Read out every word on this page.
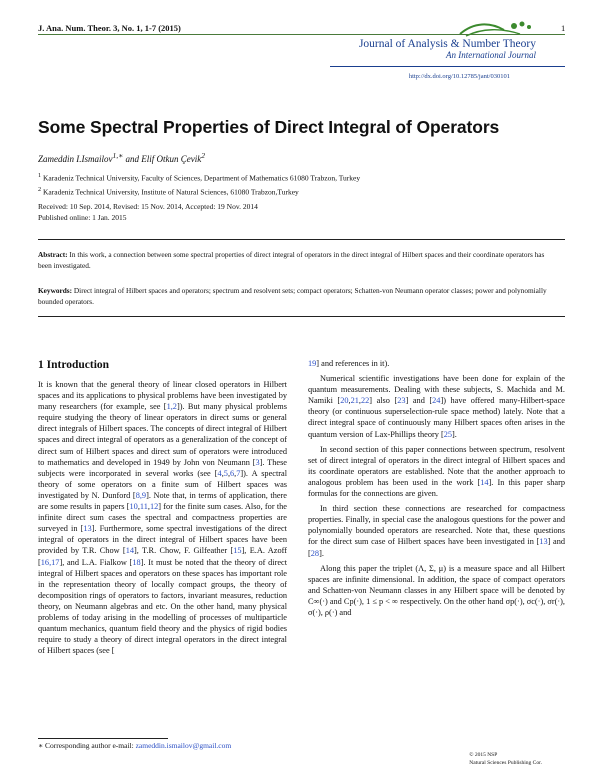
J. Ana. Num. Theor. 3, No. 1, 1-7 (2015)	1
Journal of Analysis & Number Theory
An International Journal
http://dx.doi.org/10.12785/jant/030101
Some Spectral Properties of Direct Integral of Operators
Zameddin I.Ismailov$^{1,∗}$ and Elif Otkun Çevik$^2$
$^1$ Karadeniz Technical University, Faculty of Sciences, Department of Mathematics 61080 Trabzon, Turkey
$^2$ Karadeniz Technical University, Institute of Natural Sciences, 61080 Trabzon,Turkey
Received: 10 Sep. 2014, Revised: 15 Nov. 2014, Accepted: 19 Nov. 2014
Published online: 1 Jan. 2015
Abstract: In this work, a connection between some spectral properties of direct integral of operators in the direct integral of Hilbert spaces and their coordinate operators has been investigated.
Keywords: Direct integral of Hilbert spaces and operators; spectrum and resolvent sets; compact operators; Schatten-von Neumann operator classes; power and polynomially bounded operators.
1 Introduction

It is known that the general theory of linear closed operators in Hilbert spaces and its applications to physical problems have been investigated by many researchers (for example, see [1,2]). But many physical problems require studying the theory of linear operators in direct sums or general direct integrals of Hilbert spaces. The concepts of direct integral of Hilbert spaces and direct integral of operators as a generalization of the concept of direct sum of Hilbert spaces and direct sum of operators were introduced to mathematics and developed in 1949 by John von Neumann [3]. These subjects were incorporated in several works (see [4,5,6,7]). A spectral theory of some operators on a finite sum of Hilbert spaces was investigated by N. Dunford [8,9]. Note that, in terms of application, there are some results in papers [10,11,12] for the finite sum cases. Also, for the infinite direct sum cases the spectral and compactness properties are surveyed in [13]. Furthermore, some spectral investigations of the direct integral of operators in the direct integral of Hilbert spaces have been provided by T.R. Chow [14], T.R. Chow, F. Gilfeather [15], E.A. Azoff [16,17], and L.A. Fialkow [18]. It must be noted that the theory of direct integral of Hilbert spaces and operators on these spaces has important role in the representation theory of locally compact groups, the theory of decomposition rings of operators to factors, invariant measures, reduction theory, on Neumann algebras and etc. On the other hand, many physical problems of today arising in the modelling of processes of multiparticle quantum mechanics, quantum field theory and the physics of rigid bodies require to study a theory of direct integral operators in the direct integral of Hilbert spaces (see [

19] and references in it).

Numerical scientific investigations have been done for explain of the quantum measurements. Dealing with these subjects, S. Machida and M. Namiki [20,21,22] also [23] and [24]) have offered many-Hilbert-space theory (or continuous superselection-rule space method) lately. Note that a direct integral space of continuously many Hilbert spaces often arises in the quantum version of Lax-Phillips theory [25].

In second section of this paper connections between spectrum, resolvent set of direct integral of operators in the direct integral of Hilbert spaces and its coordinate operators are established. Note that the another approach to analogous problem has been used in the work [14]. In this paper sharp formulas for the connections are given.

In third section these connections are researched for compactness properties. Finally, in special case the analogous questions for the power and polynomially bounded operators are researched. Note that, these questions for the direct sum case of Hilbert spaces have been investigated in [13] and [28].

Along this paper the triplet (Λ, Σ, μ) is a measure space and all Hilbert spaces are infinite dimensional. In addition, the space of compact operators and Schatten-von Neumann classes in any Hilbert space will be denoted by C∞(·) and Cp(·), 1 ≤ p < ∞ respectively. On the other hand σp(·), σc(·), σr(·), σ(·), ρ(·) and

∗ Corresponding author e-mail: zameddin.ismailov@gmail.com
© 2015 NSP
Natural Sciences Publishing Cor.
